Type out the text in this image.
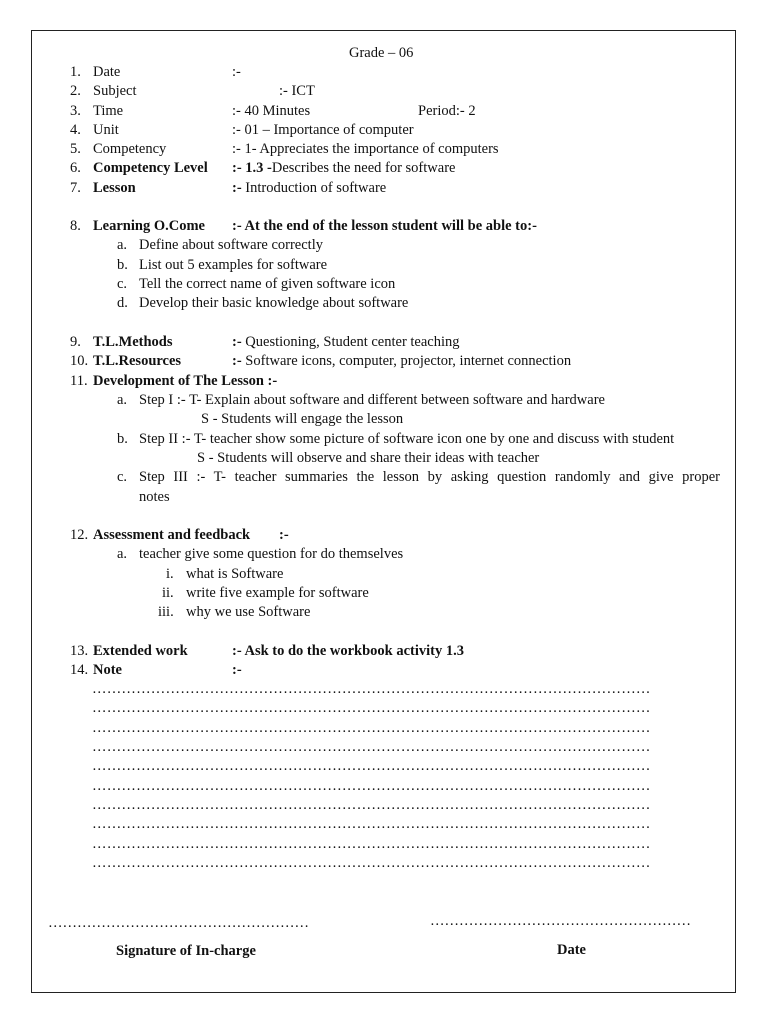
Grade – 06
1. Date	:-
2. Subject	:- ICT
3. Time	:- 40 Minutes	Period:- 2
4. Unit	:- 01 – Importance of computer
5. Competency	:- 1- Appreciates the importance of computers
6. Competency Level :- 1.3 -Describes the need for software
7. Lesson	:- Introduction of software
8. Learning O.Come :- At the end of the lesson student will be able to:-
a. Define about software correctly
b. List out 5 examples for software
c. Tell the correct name of given software icon
d. Develop their basic knowledge about software
9. T.L.Methods	:- Questioning, Student center teaching
10. T.L.Resources	:- Software icons, computer, projector, internet connection
11. Development of The Lesson :-
a. Step I :- T- Explain about software and different between software and hardware
S - Students will engage the lesson
b. Step II :- T- teacher show some picture of software icon one by one and discuss with student
S - Students will observe and share their ideas with teacher
c. Step III :- T- teacher summaries the lesson by asking question randomly and give proper
notes
12. Assessment and feedback :-
a. teacher give some question for do themselves
i. what is Software
ii. write five example for software
iii. why we use Software
13. Extended work	:- Ask to do the workbook activity 1.3
14. Note	:-
……………………………………………………………………………………………………
……………………………………………………………………………………………………
……………………………………………………………………………………………………
……………………………………………………………………………………………………
……………………………………………………………………………………………………
……………………………………………………………………………………………………
……………………………………………………………………………………………………
……………………………………………………………………………………………………
……………………………………………………………………………………………………
……………………………………………………………………………………………………
………………………………………………	………………………………………………
Signature of In-charge	Date
